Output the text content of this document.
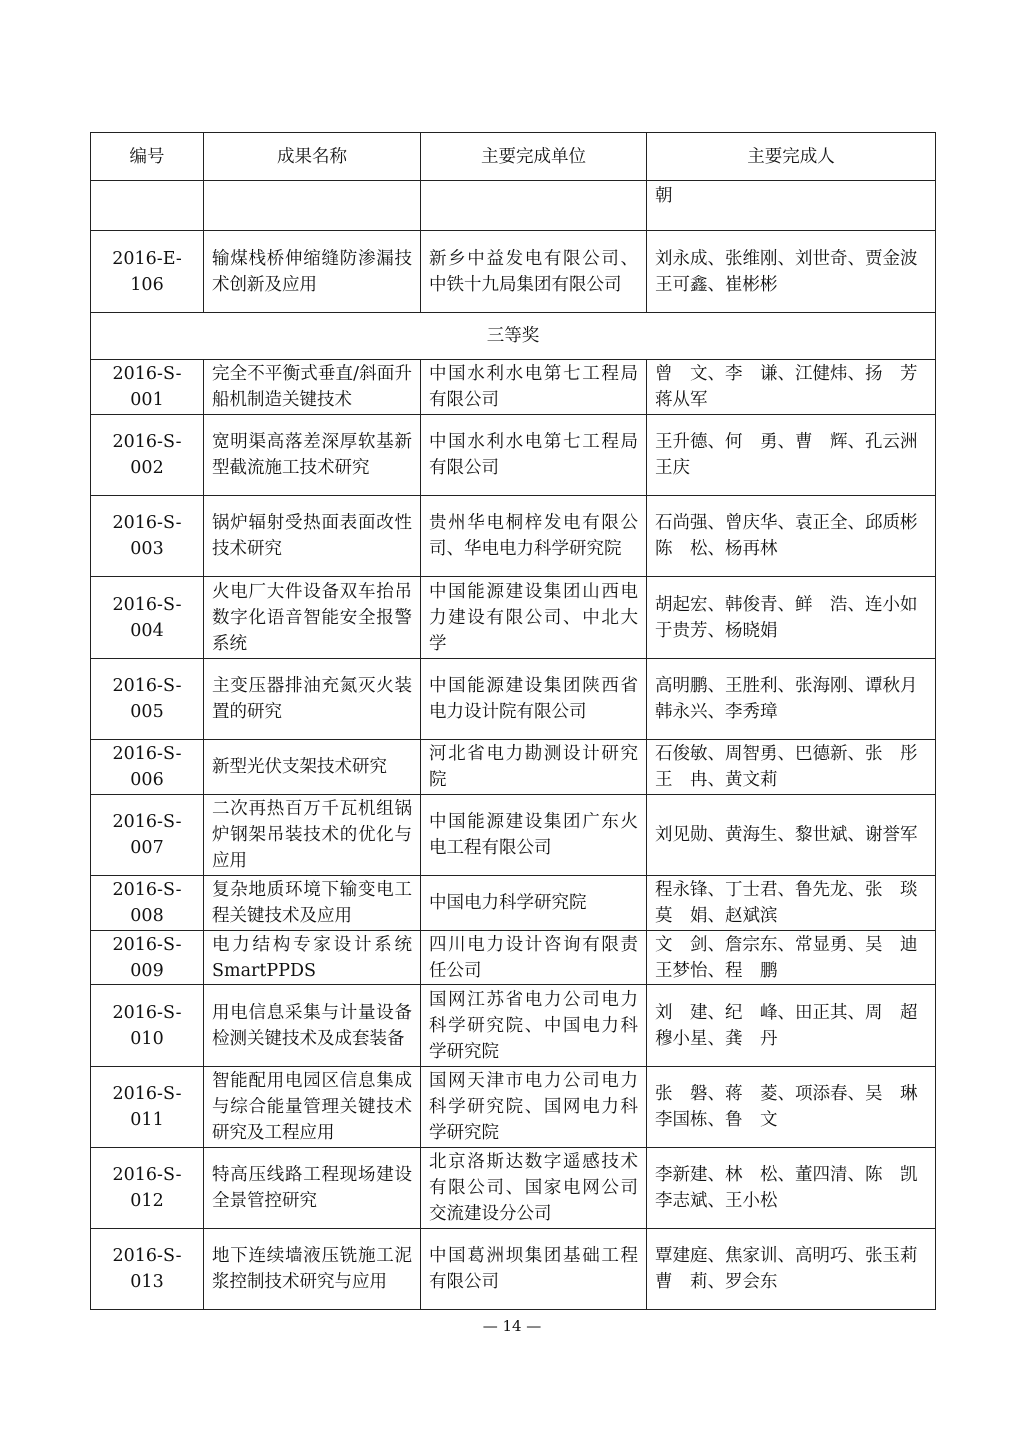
编号	成果名称	主要完成单位	主要完成人
			朝
2016-E-106	输煤栈桥伸缩缝防渗漏技术创新及应用	新乡中益发电有限公司、中铁十九局集团有限公司	刘永成、张维刚、刘世奇、贾金波
王可鑫、崔彬彬
三等奖			
2016-S-001	完全不平衡式垂直/斜面升船机制造关键技术	中国水利水电第七工程局有限公司	曾　文、李　谦、江健炜、扬　芳
蒋从军
2016-S-002	宽明渠高落差深厚软基新型截流施工技术研究	中国水利水电第七工程局有限公司	王升德、何　勇、曹　辉、孔云洲
王庆
2016-S-003	锅炉辐射受热面表面改性技术研究	贵州华电桐梓发电有限公司、华电电力科学研究院	石尚强、曾庆华、袁正全、邱质彬
陈　松、杨再林
2016-S-004	火电厂大件设备双车抬吊数字化语音智能安全报警系统	中国能源建设集团山西电力建设有限公司、中北大学	胡起宏、韩俊青、鲜　浩、连小如
于贵芳、杨晓娟
2016-S-005	主变压器排油充氮灭火装置的研究	中国能源建设集团陕西省电力设计院有限公司	高明鹏、王胜利、张海刚、谭秋月
韩永兴、李秀璋
2016-S-006	新型光伏支架技术研究	河北省电力勘测设计研究院	石俊敏、周智勇、巴德新、张　彤
王　冉、黄文莉
2016-S-007	二次再热百万千瓦机组锅炉钢架吊装技术的优化与应用	中国能源建设集团广东火电工程有限公司	刘见勋、黄海生、黎世斌、谢誉军
2016-S-008	复杂地质环境下输变电工程关键技术及应用	中国电力科学研究院	程永锋、丁士君、鲁先龙、张　琰
莫　娟、赵斌滨
2016-S-009	电力结构专家设计系统SmartPPDS	四川电力设计咨询有限责任公司	文　剑、詹宗东、常显勇、吴　迪
王梦怡、程　鹏
2016-S-010	用电信息采集与计量设备检测关键技术及成套装备	国网江苏省电力公司电力科学研究院、中国电力科学研究院	刘　建、纪　峰、田正其、周　超
穆小星、龚　丹
2016-S-011	智能配用电园区信息集成与综合能量管理关键技术研究及工程应用	国网天津市电力公司电力科学研究院、国网电力科学研究院	张　磐、蒋　菱、项添春、吴　琳
李国栋、鲁　文
2016-S-012	特高压线路工程现场建设全景管控研究	北京洛斯达数字遥感技术有限公司、国家电网公司交流建设分公司	李新建、林　松、董四清、陈　凯
李志斌、王小松
2016-S-013	地下连续墙液压铣施工泥浆控制技术研究与应用	中国葛洲坝集团基础工程有限公司	覃建庭、焦家训、高明巧、张玉莉
曹　莉、罗会东
— 14 —
